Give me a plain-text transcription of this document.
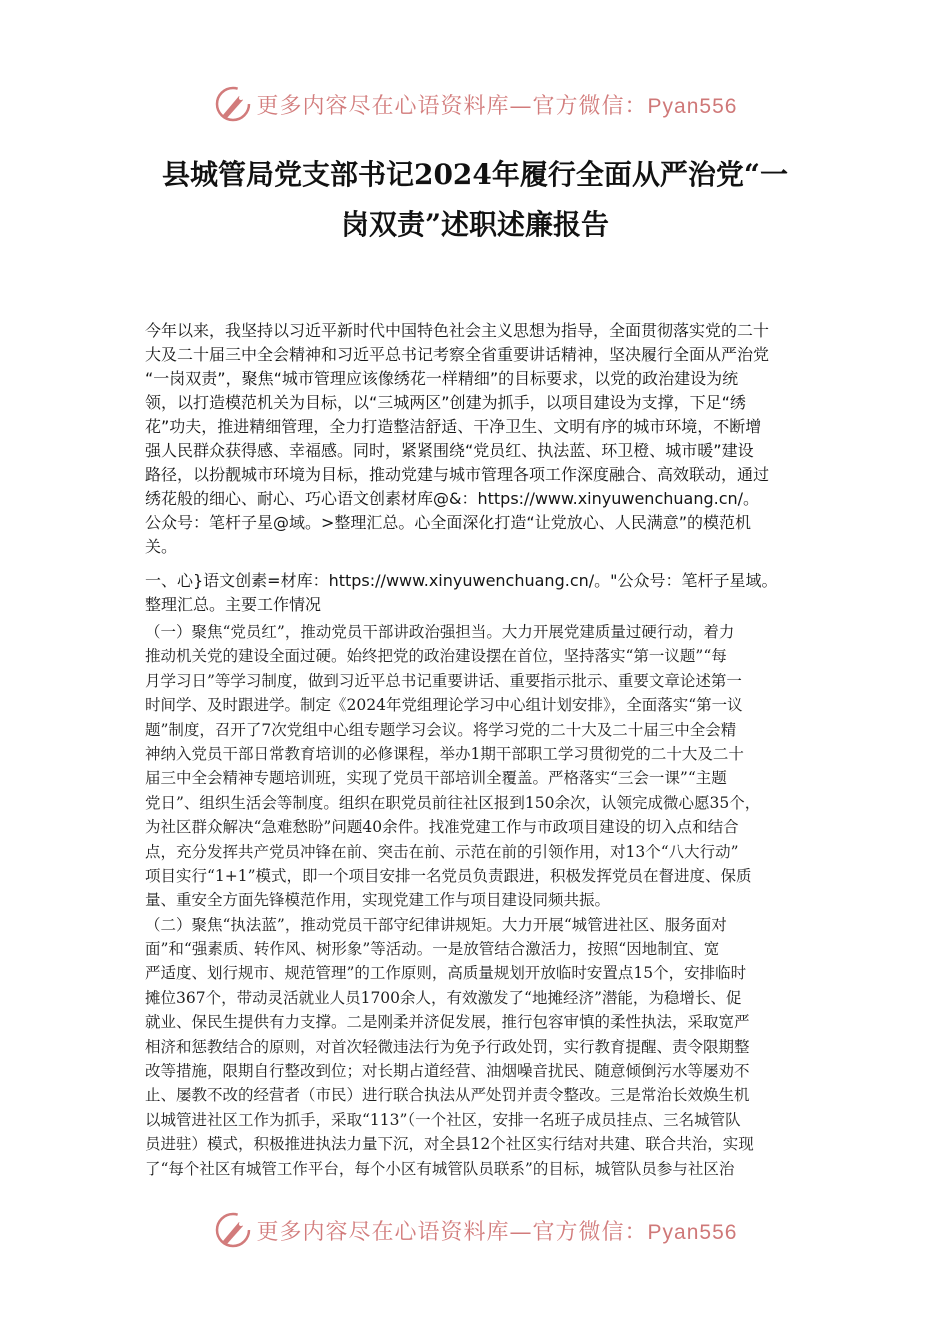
更多内容尽在心语资料库—官方微信：Pyan556
县城管局党支部书记2024年履行全面从严治党“一
岗双责”述职述廉报告
今年以来，我坚持以习近平新时代中国特色社会主义思想为指导，全面贯彻落实党的二十
大及二十届三中全会精神和习近平总书记考察全省重要讲话精神，坚决履行全面从严治党
“一岗双责”，聚焦“城市管理应该像绣花一样精细”的目标要求，以党的政治建设为统
领，以打造模范机关为目标，以“三城两区”创建为抓手，以项目建设为支撑，下足“绣
花”功夫，推进精细管理，全力打造整洁舒适、干净卫生、文明有序的城市环境，不断增
强人民群众获得感、幸福感。同时，紧紧围绕“党员红、执法蓝、环卫橙、城市暖”建设
路径，以扮靓城市环境为目标，推动党建与城市管理各项工作深度融合、高效联动，通过
绣花般的细心、耐心、巧心语文创素材库@&：https://www.xinyuwenchuang.cn/。
公众号：笔杆子星@域。>整理汇总。心全面深化打造“让党放心、人民满意”的模范机
关。
一、心}语文创素=材库：https://www.xinyuwenchuang.cn/。"公众号：笔杆子星域。
整理汇总。主要工作情况
（一）聚焦“党员红”，推动党员干部讲政治强担当。大力开展党建质量过硬行动，着力
推动机关党的建设全面过硬。始终把党的政治建设摆在首位，坚持落实“第一议题”“每
月学习日”等学习制度，做到习近平总书记重要讲话、重要指示批示、重要文章论述第一
时间学、及时跟进学。制定《2024年党组理论学习中心组计划安排》，全面落实“第一议
题”制度，召开了7次党组中心组专题学习会议。将学习党的二十大及二十届三中全会精
神纳入党员干部日常教育培训的必修课程，举办1期干部职工学习贯彻党的二十大及二十
届三中全会精神专题培训班，实现了党员干部培训全覆盖。严格落实“三会一课”“主题
党日”、组织生活会等制度。组织在职党员前往社区报到150余次，认领完成微心愿35个，
为社区群众解决“急难愁盼”问题40余件。找准党建工作与市政项目建设的切入点和结合
点，充分发挥共产党员冲锋在前、突击在前、示范在前的引领作用，对13个“八大行动”
项目实行“1+1”模式，即一个项目安排一名党员负责跟进，积极发挥党员在督进度、保质
量、重安全方面先锋模范作用，实现党建工作与项目建设同频共振。
（二）聚焦“执法蓝”，推动党员干部守纪律讲规矩。大力开展“城管进社区、服务面对
面”和“强素质、转作风、树形象”等活动。一是放管结合激活力，按照“因地制宜、宽
严适度、划行规市、规范管理”的工作原则，高质量规划开放临时安置点15个，安排临时
摊位367个，带动灵活就业人员1700余人，有效激发了“地摊经济”潜能，为稳增长、促
就业、保民生提供有力支撑。二是刚柔并济促发展，推行包容审慎的柔性执法，采取宽严
相济和惩教结合的原则，对首次轻微违法行为免予行政处罚，实行教育提醒、责令限期整
改等措施，限期自行整改到位；对长期占道经营、油烟噪音扰民、随意倾倒污水等屡劝不
止、屡教不改的经营者（市民）进行联合执法从严处罚并责令整改。三是常治长效焕生机
以城管进社区工作为抓手，采取“113”（一个社区，安排一名班子成员挂点、三名城管队
员进驻）模式，积极推进执法力量下沉，对全县12个社区实行结对共建、联合共治，实现
了“每个社区有城管工作平台，每个小区有城管队员联系”的目标，城管队员参与社区治
更多内容尽在心语资料库—官方微信：Pyan556
